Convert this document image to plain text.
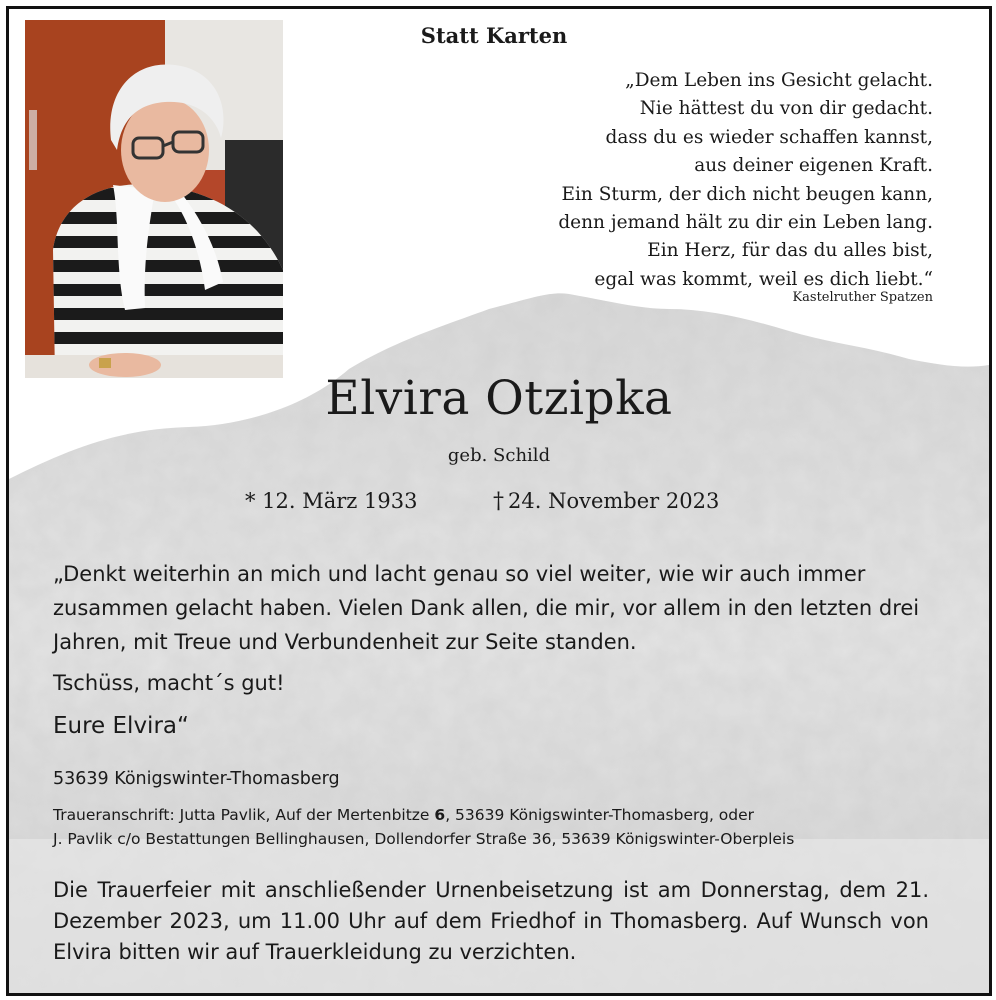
Statt Karten
„Dem Leben ins Gesicht gelacht.
Nie hättest du von dir gedacht.
dass du es wieder schaffen kannst,
aus deiner eigenen Kraft.
Ein Sturm, der dich nicht beugen kann,
denn jemand hält zu dir ein Leben lang.
Ein Herz, für das du alles bist,
egal was kommt, weil es dich liebt.“
Kastelruther Spatzen
Elvira Otzipka
geb. Schild
* 12. März 1933	† 24. November 2023
„Denkt weiterhin an mich und lacht genau so viel weiter, wie wir auch immer zusammen gelacht haben. Vielen Dank allen, die mir, vor allem in den letzten drei Jahren, mit Treue und Verbundenheit zur Seite standen.
Tschüss, macht´s gut!
Eure Elvira“
53639 Königswinter-Thomasberg
Traueranschrift: Jutta Pavlik, Auf der Mertenbitze 6, 53639 Königswinter-Thomasberg, oder
J. Pavlik c/o Bestattungen Bellinghausen, Dollendorfer Straße 36, 53639 Königswinter-Oberpleis
Die Trauerfeier mit anschließender Urnenbeisetzung ist am Donnerstag, dem 21. Dezember 2023, um 11.00 Uhr auf dem Friedhof in Thomasberg. Auf Wunsch von Elvira bitten wir auf Trauerkleidung zu verzichten.
